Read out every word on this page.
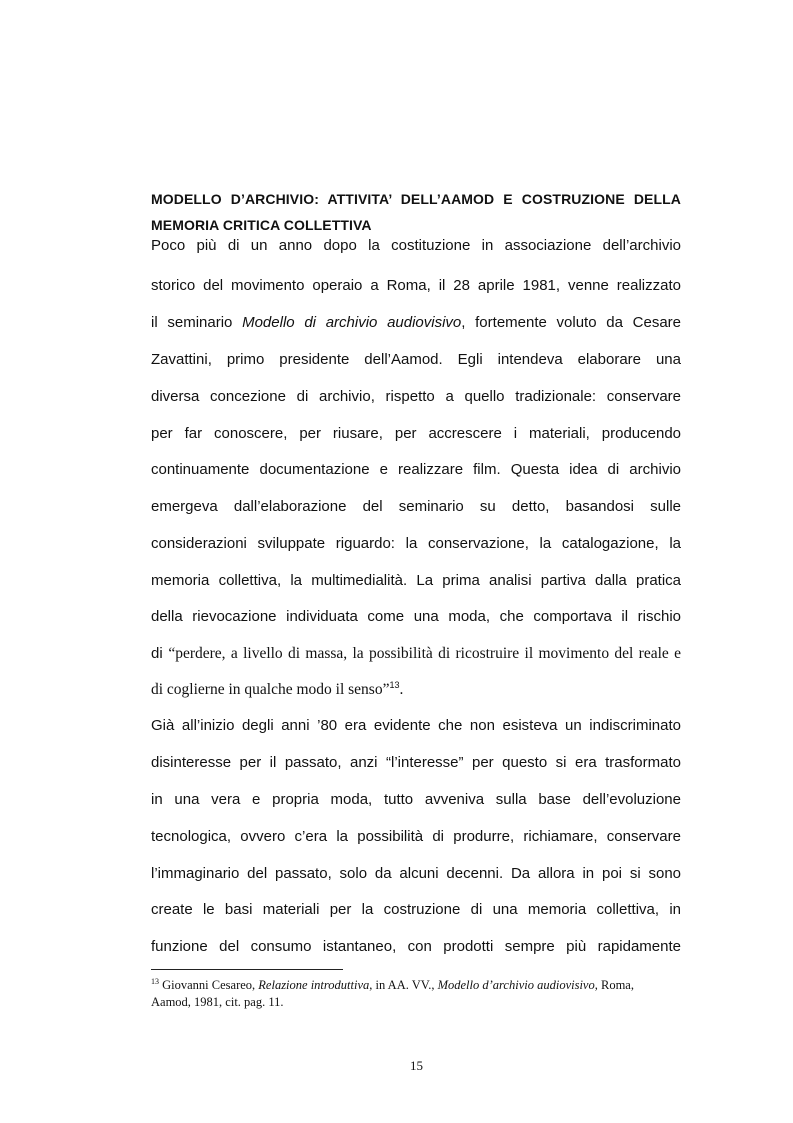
MODELLO D’ARCHIVIO: ATTIVITA’ DELL’AAMOD E COSTRUZIONE DELLA
MEMORIA CRITICA COLLETTIVA
Poco più di un anno dopo la costituzione in associazione dell’archivio
storico del movimento operaio a Roma, il 28 aprile 1981, venne realizzato
il seminario Modello di archivio audiovisivo, fortemente voluto da Cesare
Zavattini, primo presidente dell’Aamod. Egli intendeva elaborare una
diversa concezione di archivio, rispetto a quello tradizionale: conservare
per far conoscere, per riusare, per accrescere i materiali, producendo
continuamente documentazione e realizzare film. Questa idea di archivio
emergeva dall’elaborazione del seminario su detto, basandosi sulle
considerazioni sviluppate riguardo: la conservazione, la catalogazione, la
memoria collettiva, la multimedialità. La prima analisi partiva dalla pratica
della rievocazione individuata come una moda, che comportava il rischio
di “perdere, a livello di massa, la possibilità di ricostruire il movimento del reale e
di coglierne in qualche modo il senso”$^{13}$.
Già all’inizio degli anni ’80 era evidente che non esisteva un indiscriminato
disinteresse per il passato, anzi “l’interesse” per questo si era trasformato
in una vera e propria moda, tutto avveniva sulla base dell’evoluzione
tecnologica, ovvero c’era la possibilità di produrre, richiamare, conservare
l’immaginario del passato, solo da alcuni decenni. Da allora in poi si sono
create le basi materiali per la costruzione di una memoria collettiva, in
funzione del consumo istantaneo, con prodotti sempre più rapidamente
$^{13}$ Giovanni Cesareo, Relazione introduttiva, in AA. VV., Modello d’archivio audiovisivo, Roma,
Aamod, 1981, cit. pag. 11.
15
